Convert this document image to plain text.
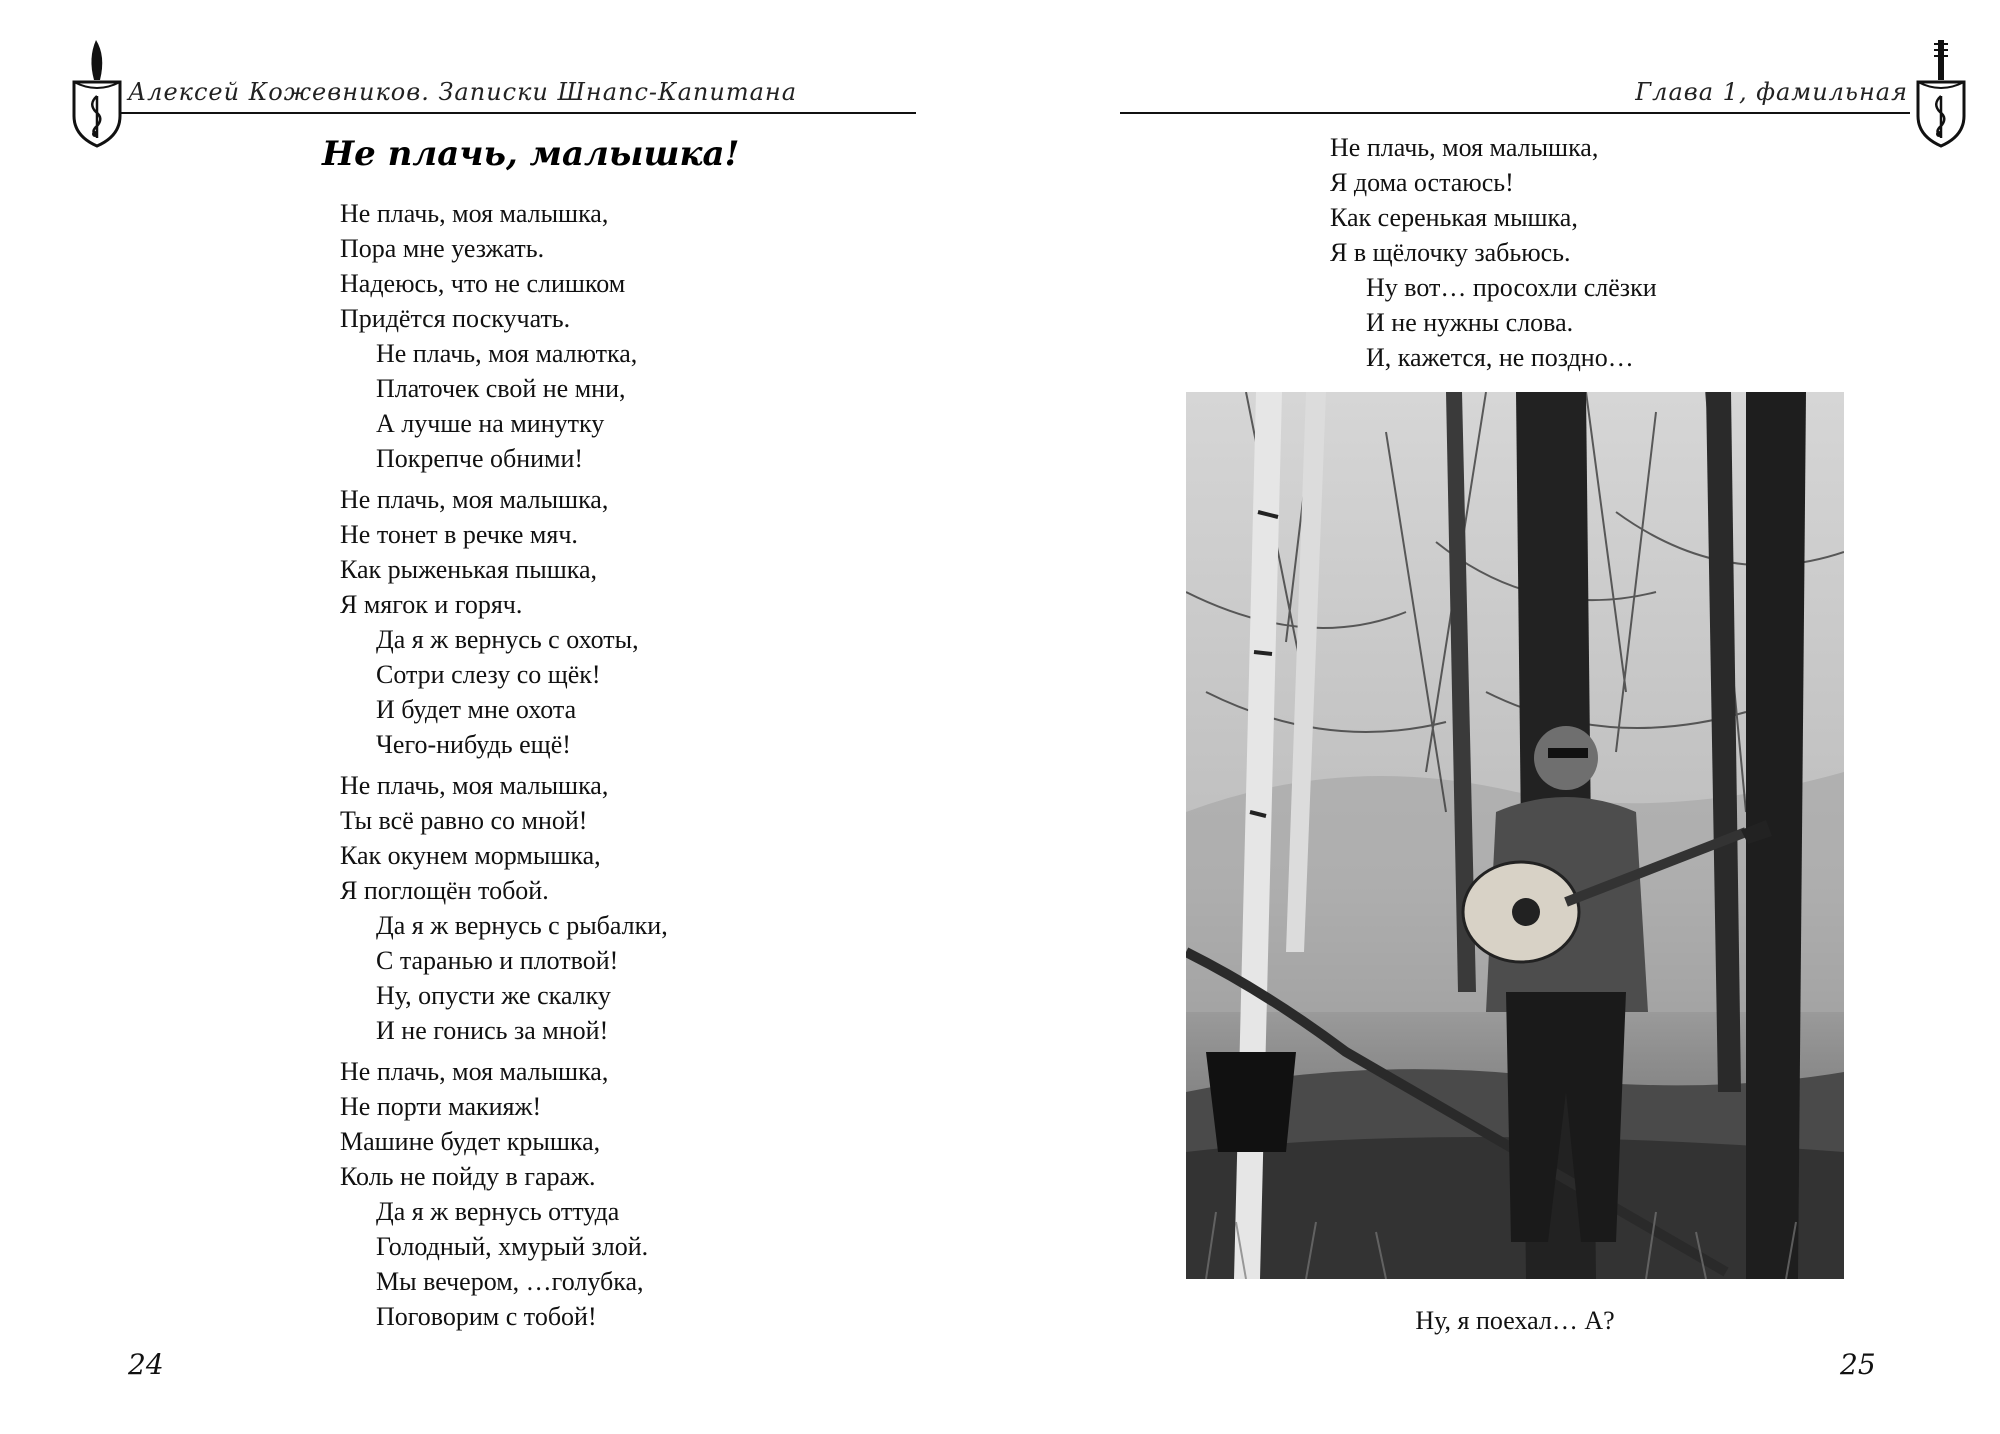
Алексей Кожевников. Записки Шнапс-Капитана
Не плачь, малышка!
Не плачь, моя малышка,
Пора мне уезжать.
Надеюсь, что не слишком
Придётся поскучать.
Не плачь, моя малютка,
Платочек свой не мни,
А лучше на минутку
Покрепче обними!
Не плачь, моя малышка,
Не тонет в речке мяч.
Как рыженькая пышка,
Я мягок и горяч.
Да я ж вернусь с охоты,
Сотри слезу со щёк!
И будет мне охота
Чего-нибудь ещё!
Не плачь, моя малышка,
Ты всё равно со мной!
Как окунем мормышка,
Я поглощён тобой.
Да я ж вернусь с рыбалки,
С таранью и плотвой!
Ну, опусти же скалку
И не гонись за мной!
Не плачь, моя малышка,
Не порти макияж!
Машине будет крышка,
Коль не пойду в гараж.
Да я ж вернусь оттуда
Голодный, хмурый злой.
Мы вечером, …голубка,
Поговорим с тобой!
24
Глава 1, фамильная
Не плачь, моя малышка,
Я дома остаюсь!
Как серенькая мышка,
Я в щёлочку забьюсь.
Ну вот… просохли слёзки
И не нужны слова.
И, кажется, не поздно…
Ну, я поехал… А?
25
